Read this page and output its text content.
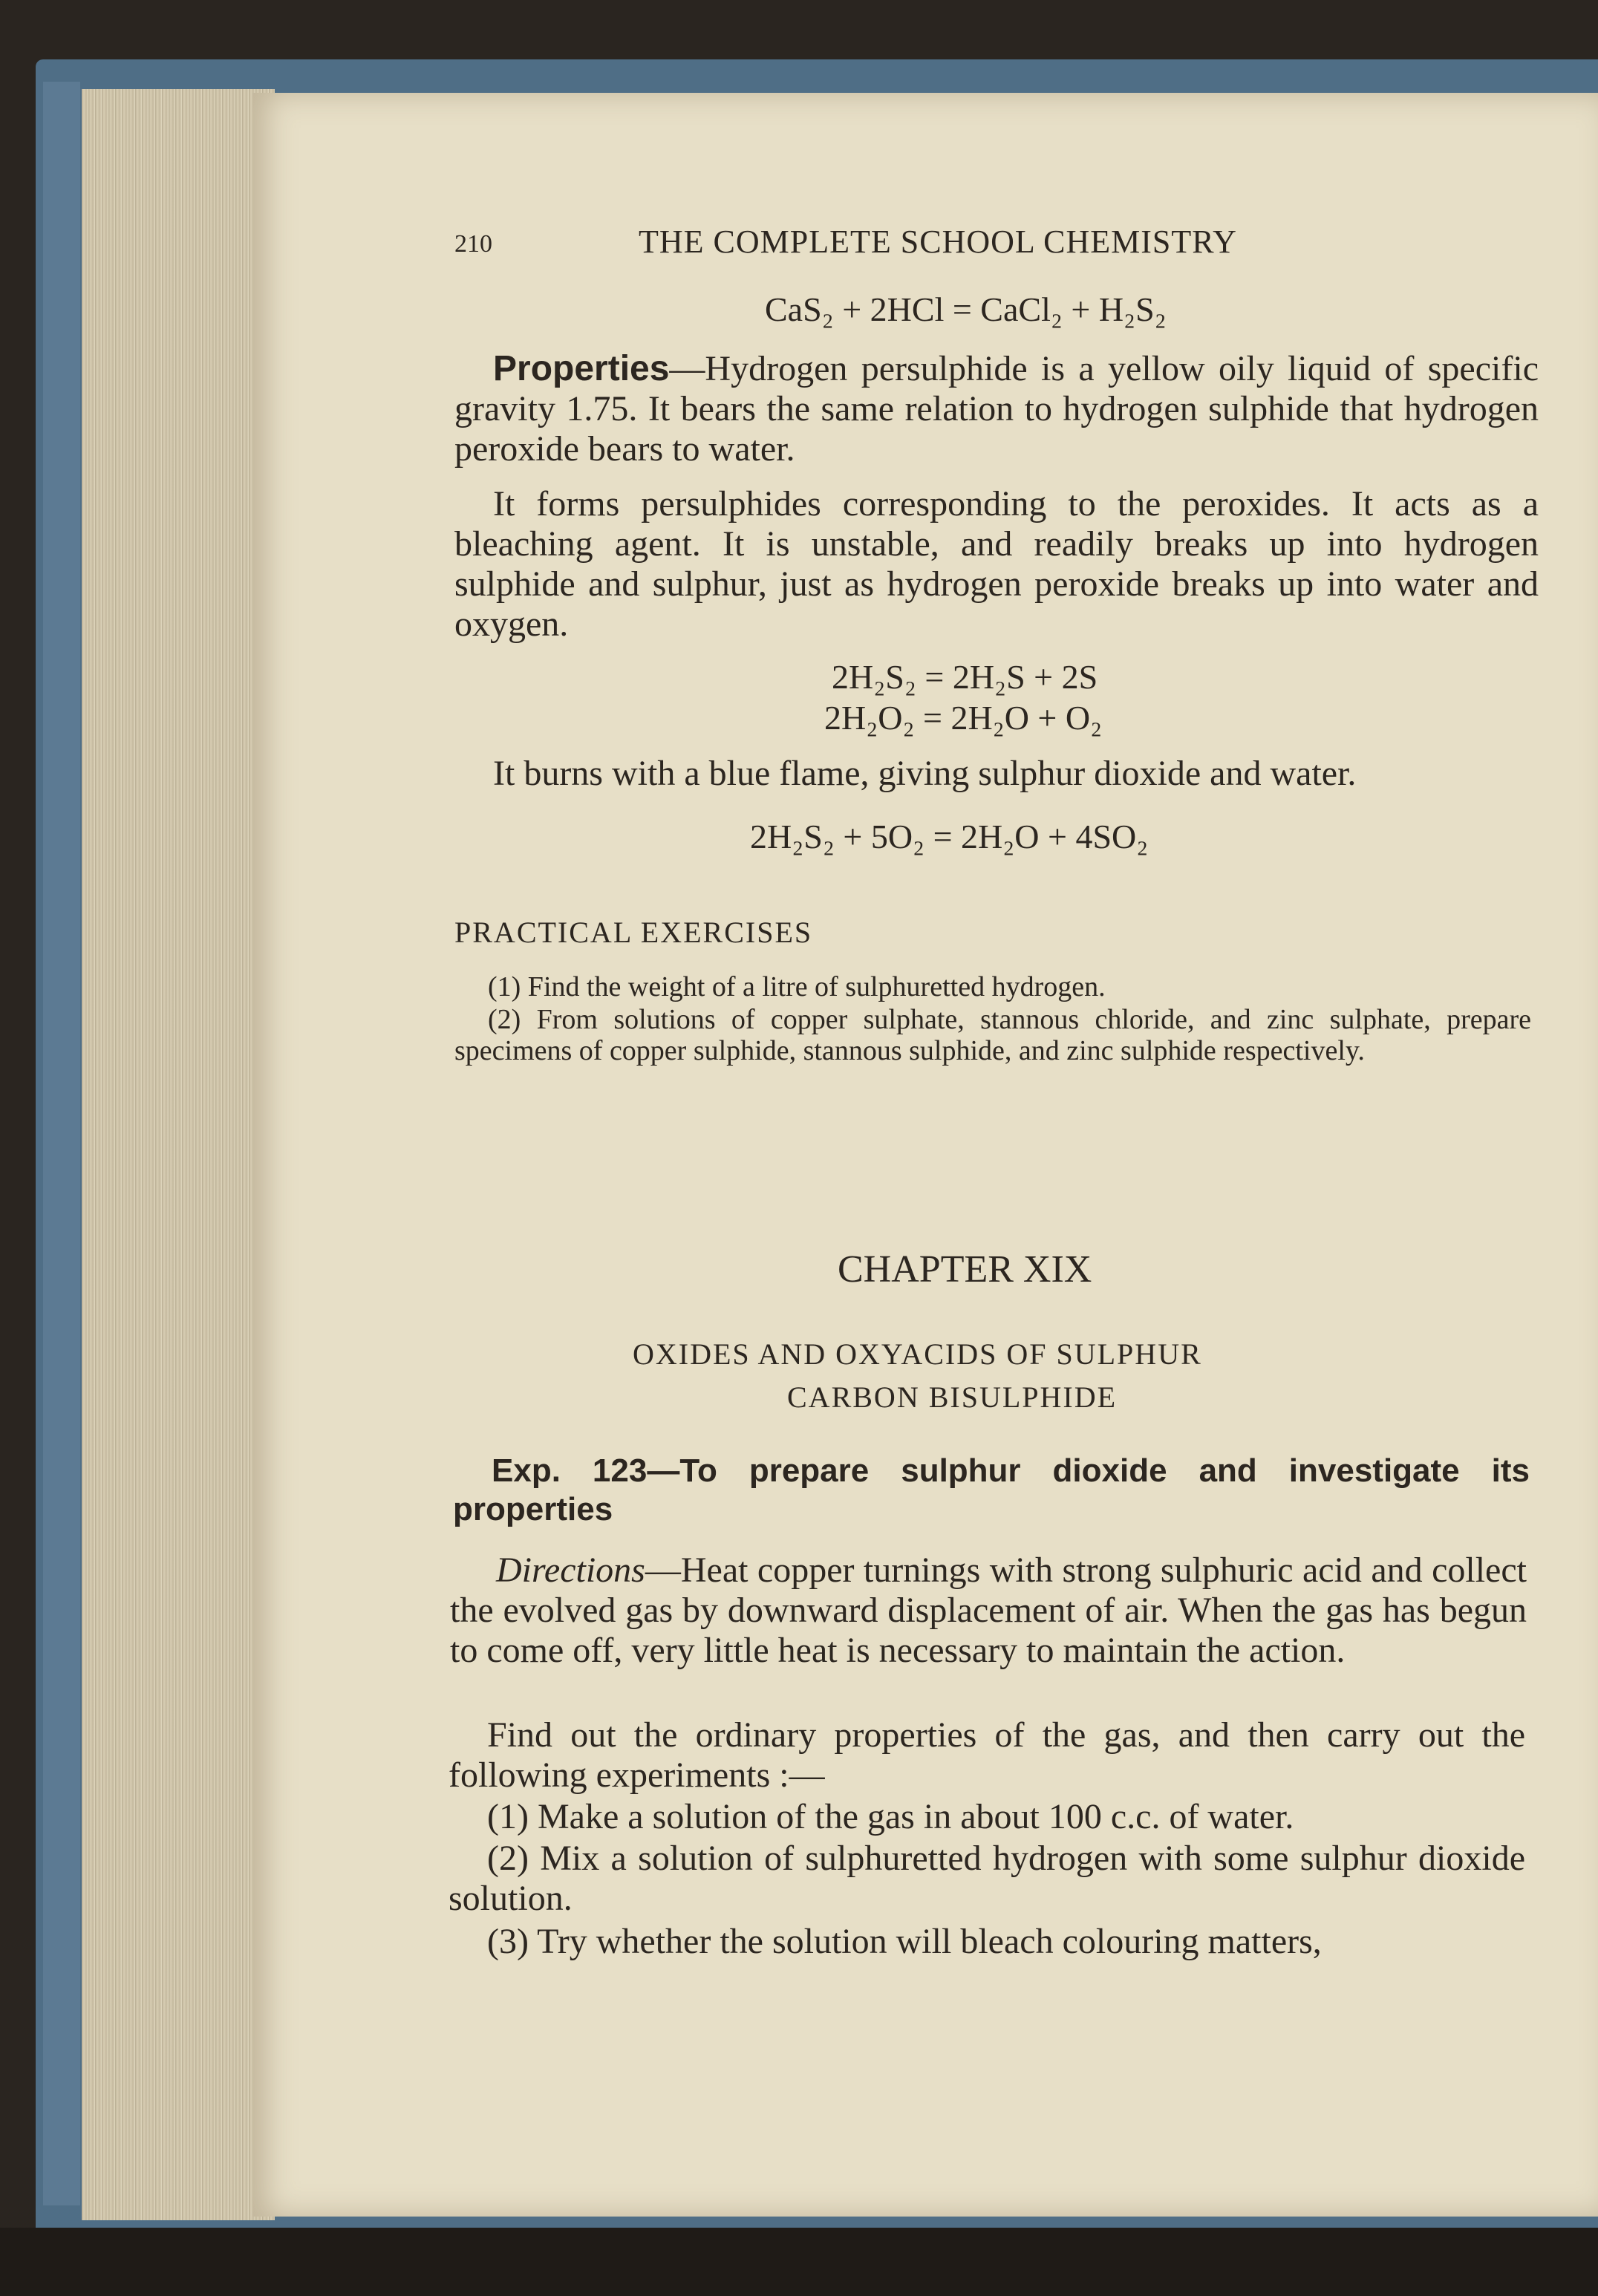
210	THE COMPLETE SCHOOL CHEMISTRY
CaS₂ + 2HCl = CaCl₂ + H₂S₂
Properties—Hydrogen persulphide is a yellow oily liquid of specific gravity 1.75. It bears the same relation to hydrogen sulphide that hydrogen peroxide bears to water.
It forms persulphides corresponding to the peroxides. It acts as a bleaching agent. It is unstable, and readily breaks up into hydrogen sulphide and sulphur, just as hydrogen peroxide breaks up into water and oxygen.
2H₂S₂ = 2H₂S + 2S
2H₂O₂ = 2H₂O + O₂
It burns with a blue flame, giving sulphur dioxide and water.
2H₂S₂ + 5O₂ = 2H₂O + 4SO₂
PRACTICAL EXERCISES
(1) Find the weight of a litre of sulphuretted hydrogen.
(2) From solutions of copper sulphate, stannous chloride, and zinc sulphate, prepare specimens of copper sulphide, stannous sulphide, and zinc sulphide respectively.
CHAPTER XIX
OXIDES AND OXYACIDS OF SULPHUR
CARBON BISULPHIDE
Exp. 123—To prepare sulphur dioxide and investigate its properties
Directions—Heat copper turnings with strong sulphuric acid and collect the evolved gas by downward displacement of air. When the gas has begun to come off, very little heat is necessary to maintain the action.
Find out the ordinary properties of the gas, and then carry out the following experiments :—
(1) Make a solution of the gas in about 100 c.c. of water.
(2) Mix a solution of sulphuretted hydrogen with some sulphur dioxide solution.
(3) Try whether the solution will bleach colouring matters,
